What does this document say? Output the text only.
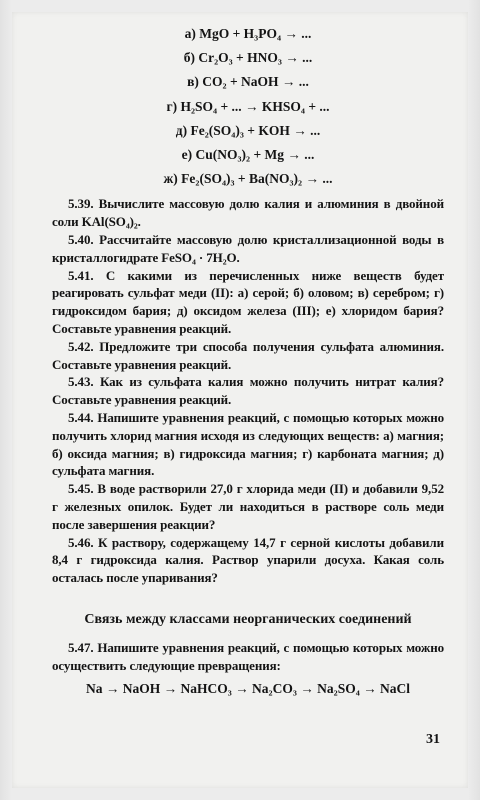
а) MgO + H₃PO₄ → ...
б) Cr₂O₃ + HNO₃ → ...
в) CO₂ + NaOH → ...
г) H₂SO₄ + ... → KHSO₄ + ...
д) Fe₂(SO₄)₃ + KOH → ...
е) Cu(NO₃)₂ + Mg → ...
ж) Fe₂(SO₄)₃ + Ba(NO₃)₂ → ...

5.39. Вычислите массовую долю калия и алюминия в двойной соли KAl(SO₄)₂.

5.40. Рассчитайте массовую долю кристаллизационной воды в кристаллогидрате FeSO₄ · 7H₂O.

5.41. С какими из перечисленных ниже веществ будет реагировать сульфат меди (II): а) серой; б) оловом; в) серебром; г) гидроксидом бария; д) оксидом железа (III); е) хлоридом бария? Составьте уравнения реакций.

5.42. Предложите три способа получения сульфата алюминия. Составьте уравнения реакций.

5.43. Как из сульфата калия можно получить нитрат калия? Составьте уравнения реакций.

5.44. Напишите уравнения реакций, с помощью которых можно получить хлорид магния исходя из следующих веществ: а) магния; б) оксида магния; в) гидроксида магния; г) карбоната магния; д) сульфата магния.

5.45. В воде растворили 27,0 г хлорида меди (II) и добавили 9,52 г железных опилок. Будет ли находиться в растворе соль меди после завершения реакции?

5.46. К раствору, содержащему 14,7 г серной кислоты добавили 8,4 г гидроксида калия. Раствор упарили досуха. Какая соль осталась после упаривания?

Связь между классами неорганических соединений

5.47. Напишите уравнения реакций, с помощью которых можно осуществить следующие превращения:

Na → NaOH → NaHCO₃ → Na₂CO₃ → Na₂SO₄ → NaCl
31
